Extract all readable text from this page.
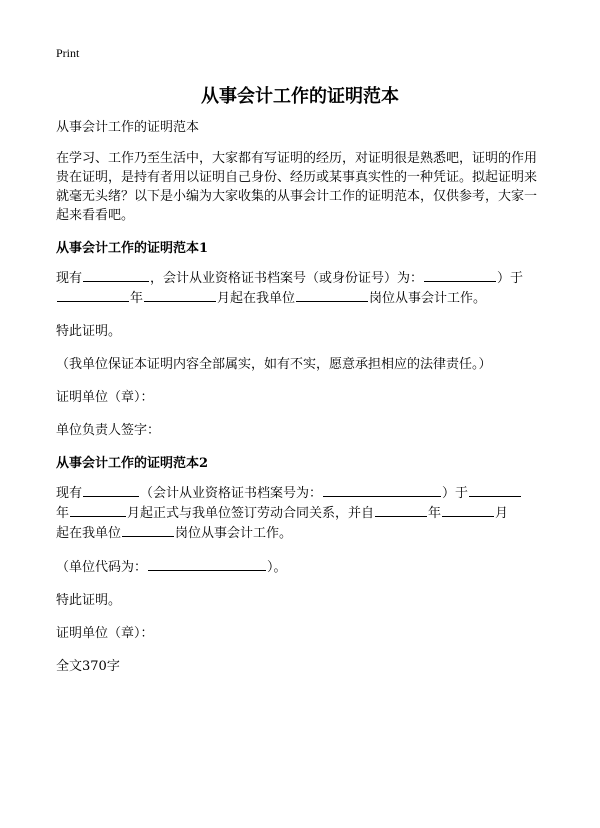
Print
从事会计工作的证明范本

从事会计工作的证明范本

在学习、工作乃至生活中，大家都有写证明的经历，对证明很是熟悉吧，证明的作用贵在证明，是持有者用以证明自己身份、经历或某事真实性的一种凭证。拟起证明来就毫无头绪？以下是小编为大家收集的从事会计工作的证明范本，仅供参考，大家一起来看看吧。

从事会计工作的证明范本1

现有	，会计从业资格证书档案号（或身份证号）为：	）于
年	月起在我单位	岗位从事会计工作。

特此证明。

（我单位保证本证明内容全部属实，如有不实，愿意承担相应的法律责任。）

证明单位（章）：

单位负责人签字：

从事会计工作的证明范本2

现有	（会计从业资格证书档案号为：	）于
年	月起正式与我单位签订劳动合同关系，并自	年	月
起在我单位	岗位从事会计工作。

（单位代码为：	）。

特此证明。

证明单位（章）：

全文370字
